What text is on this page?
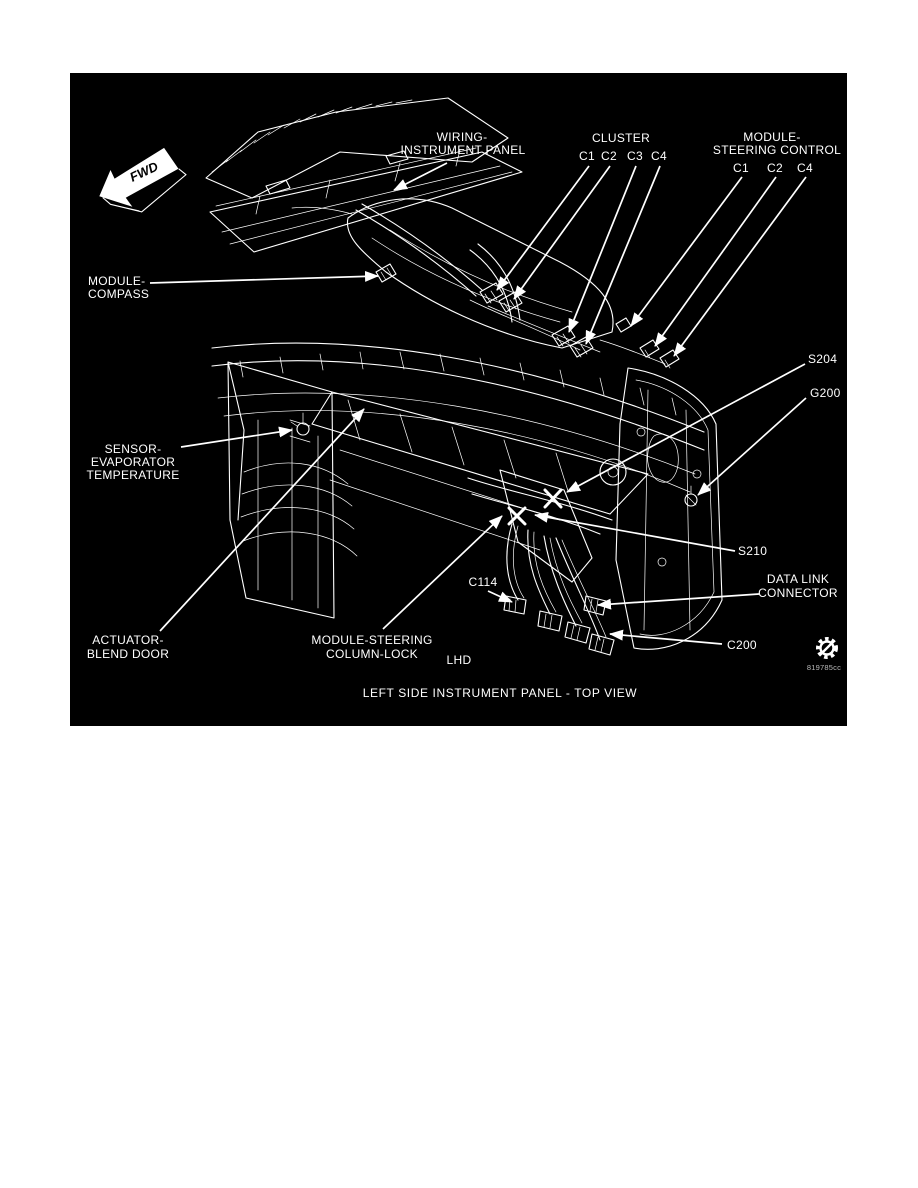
FWD
WIRING-
INSTRUMENT PANEL
CLUSTER
C1 C2 C3 C4
MODULE-
STEERING CONTROL
C1 C2 C4
MODULE-
COMPASS
SENSOR-
EVAPORATOR
TEMPERATURE
ACTUATOR-
BLEND DOOR
MODULE-STEERING
COLUMN-LOCK LHD
S204
G200
S210
DATA LINK
CONNECTOR
C114
C200
819785cc
LEFT SIDE INSTRUMENT PANEL - TOP VIEW
